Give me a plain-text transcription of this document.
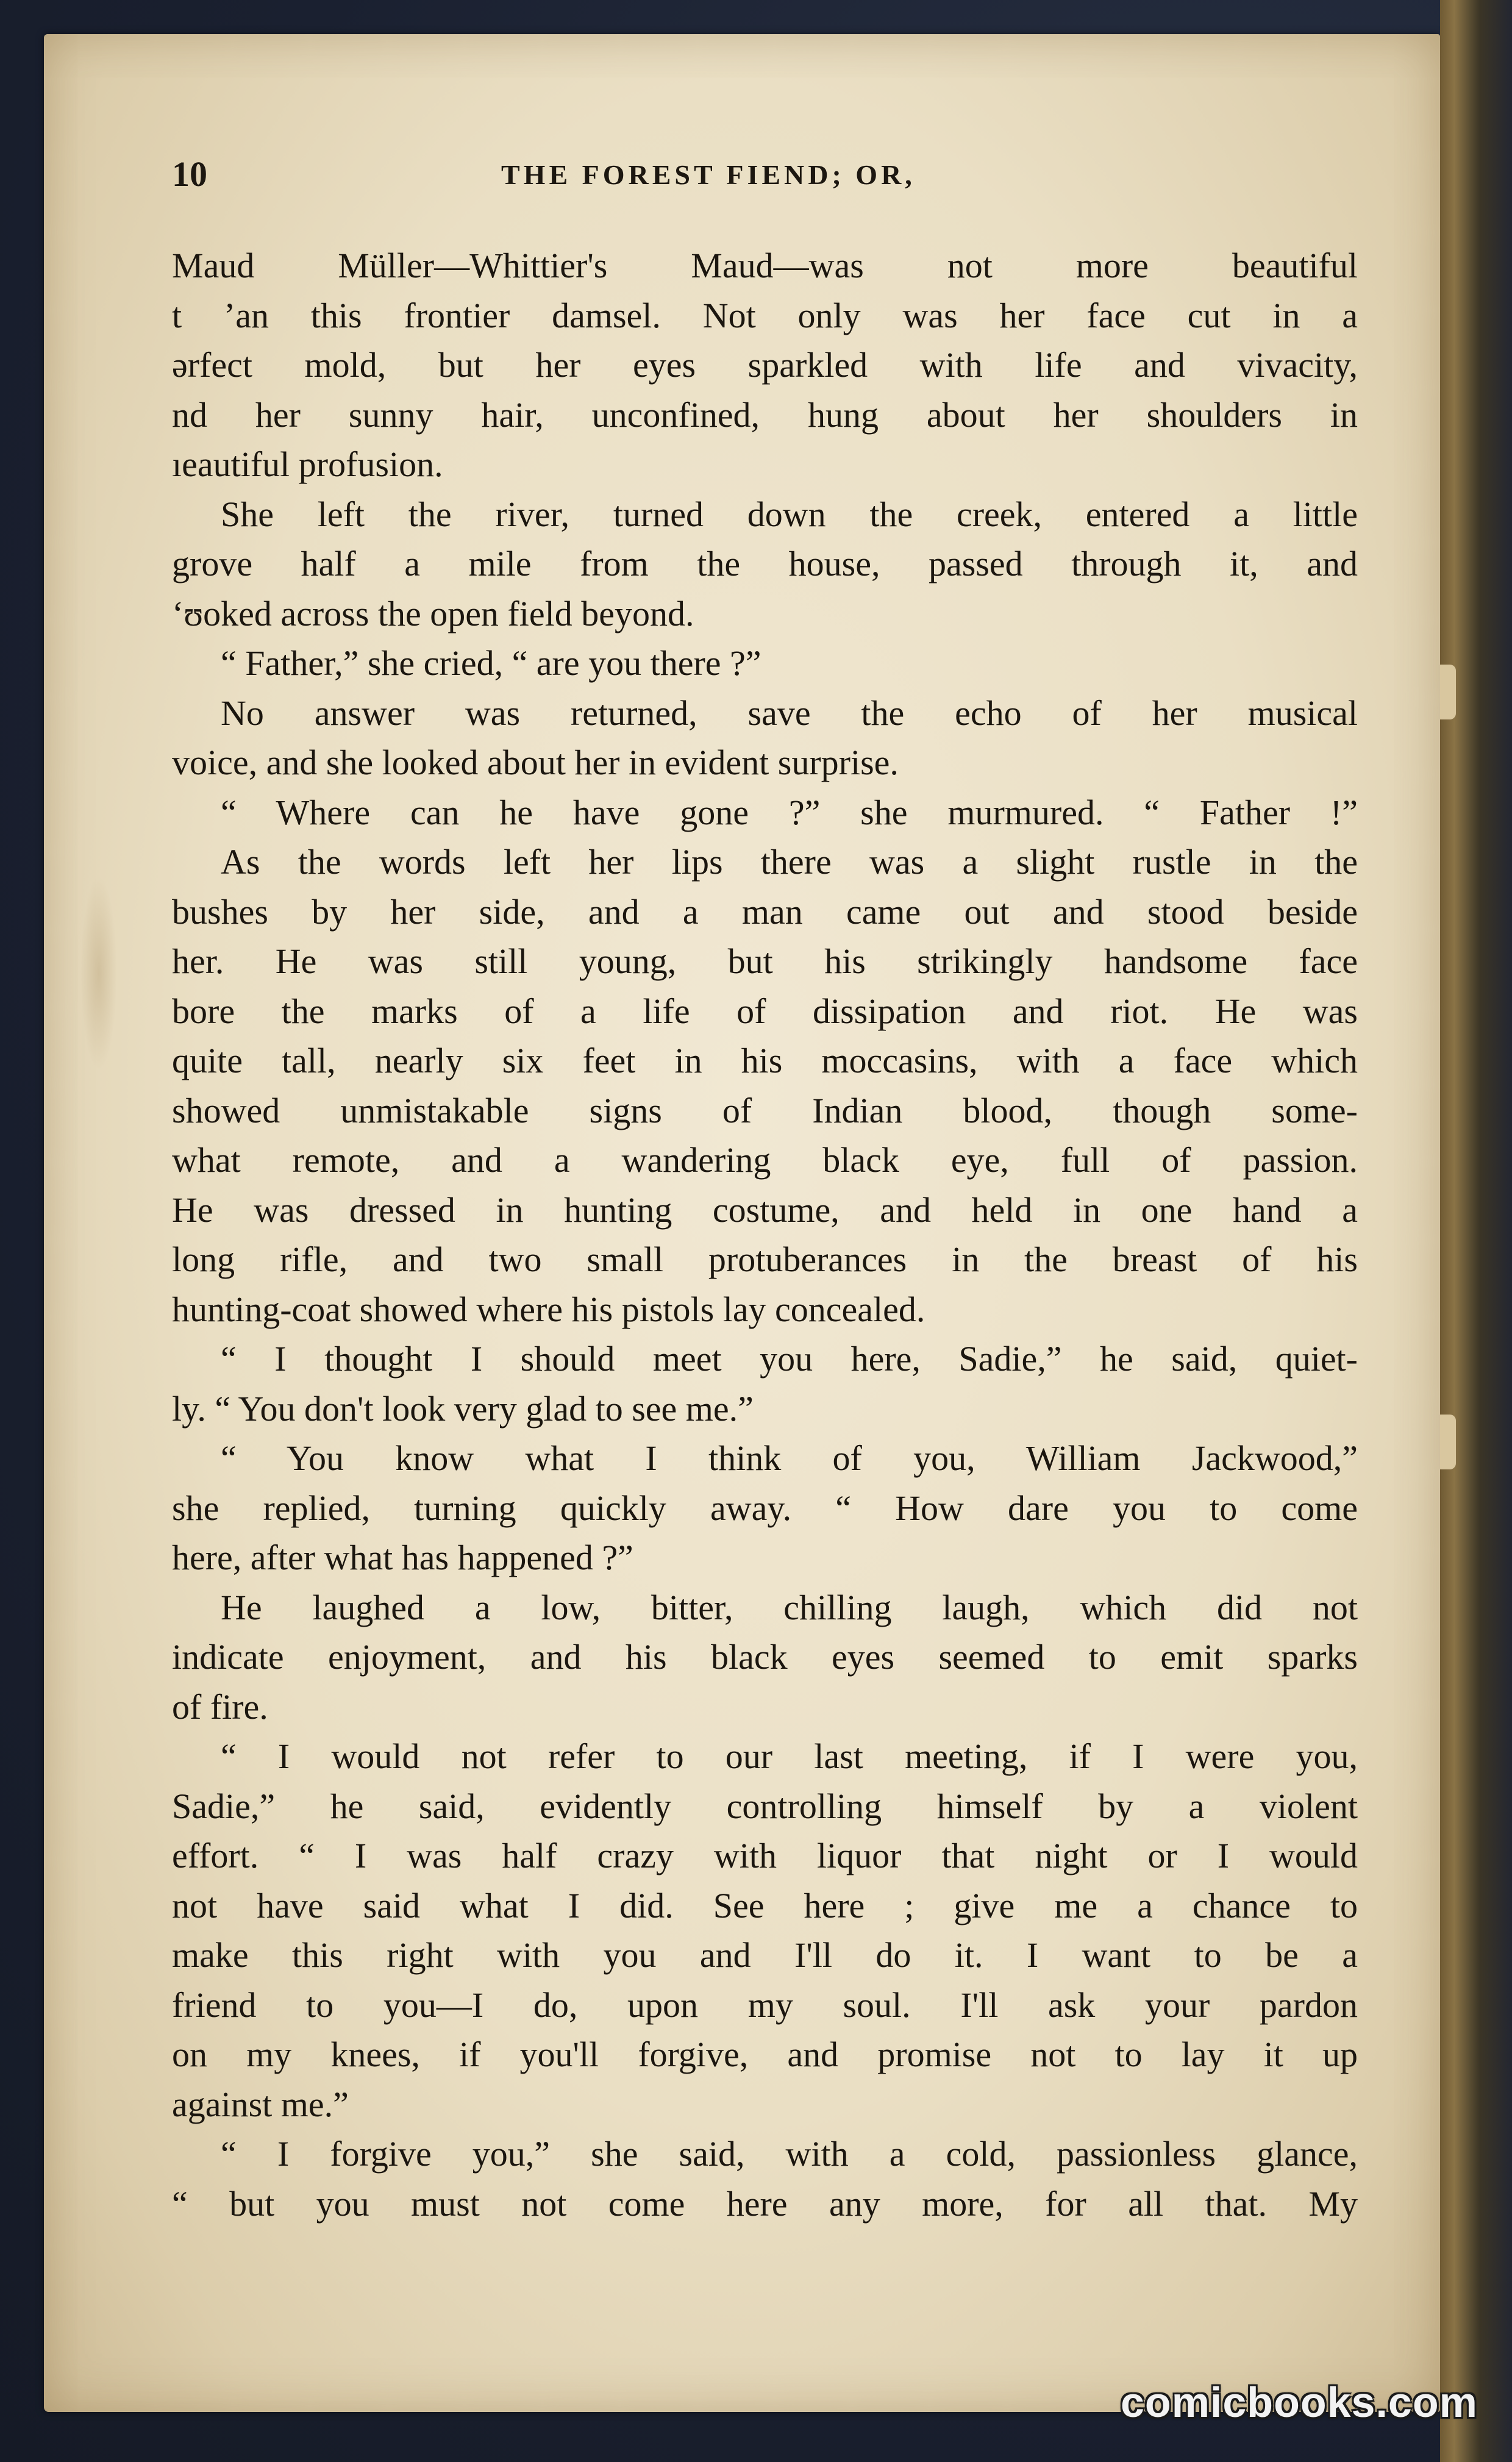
10	THE FOREST FIEND; OR,
Maud Müller—Whittier's Maud—was not more beautiful
t ’an this frontier damsel. Not only was her face cut in a
ərfect mold, but her eyes sparkled with life and vivacity,
nd her sunny hair, unconfined, hung about her shoulders in
ıeautiful profusion.
She left the river, turned down the creek, entered a little
grove half a mile from the house, passed through it, and
ʻʊoked across the open field beyond.
“ Father,” she cried, “ are you there ?”
No answer was returned, save the echo of her musical
voice, and she looked about her in evident surprise.
“ Where can he have gone ?” she murmured. “ Father !”
As the words left her lips there was a slight rustle in the
bushes by her side, and a man came out and stood beside
her. He was still young, but his strikingly handsome face
bore the marks of a life of dissipation and riot. He was
quite tall, nearly six feet in his moccasins, with a face which
showed unmistakable signs of Indian blood, though some-
what remote, and a wandering black eye, full of passion.
He was dressed in hunting costume, and held in one hand a
long rifle, and two small protuberances in the breast of his
hunting-coat showed where his pistols lay concealed.
“ I thought I should meet you here, Sadie,” he said, quiet-
ly. “ You don't look very glad to see me.”
“ You know what I think of you, William Jackwood,”
she replied, turning quickly away. “ How dare you to come
here, after what has happened ?”
He laughed a low, bitter, chilling laugh, which did not
indicate enjoyment, and his black eyes seemed to emit sparks
of fire.
“ I would not refer to our last meeting, if I were you,
Sadie,” he said, evidently controlling himself by a violent
effort. “ I was half crazy with liquor that night or I would
not have said what I did. See here ; give me a chance to
make this right with you and I'll do it. I want to be a
friend to you—I do, upon my soul. I'll ask your pardon
on my knees, if you'll forgive, and promise not to lay it up
against me.”
“ I forgive you,” she said, with a cold, passionless glance,
“ but you must not come here any more, for all that. My
comicbooks.com
